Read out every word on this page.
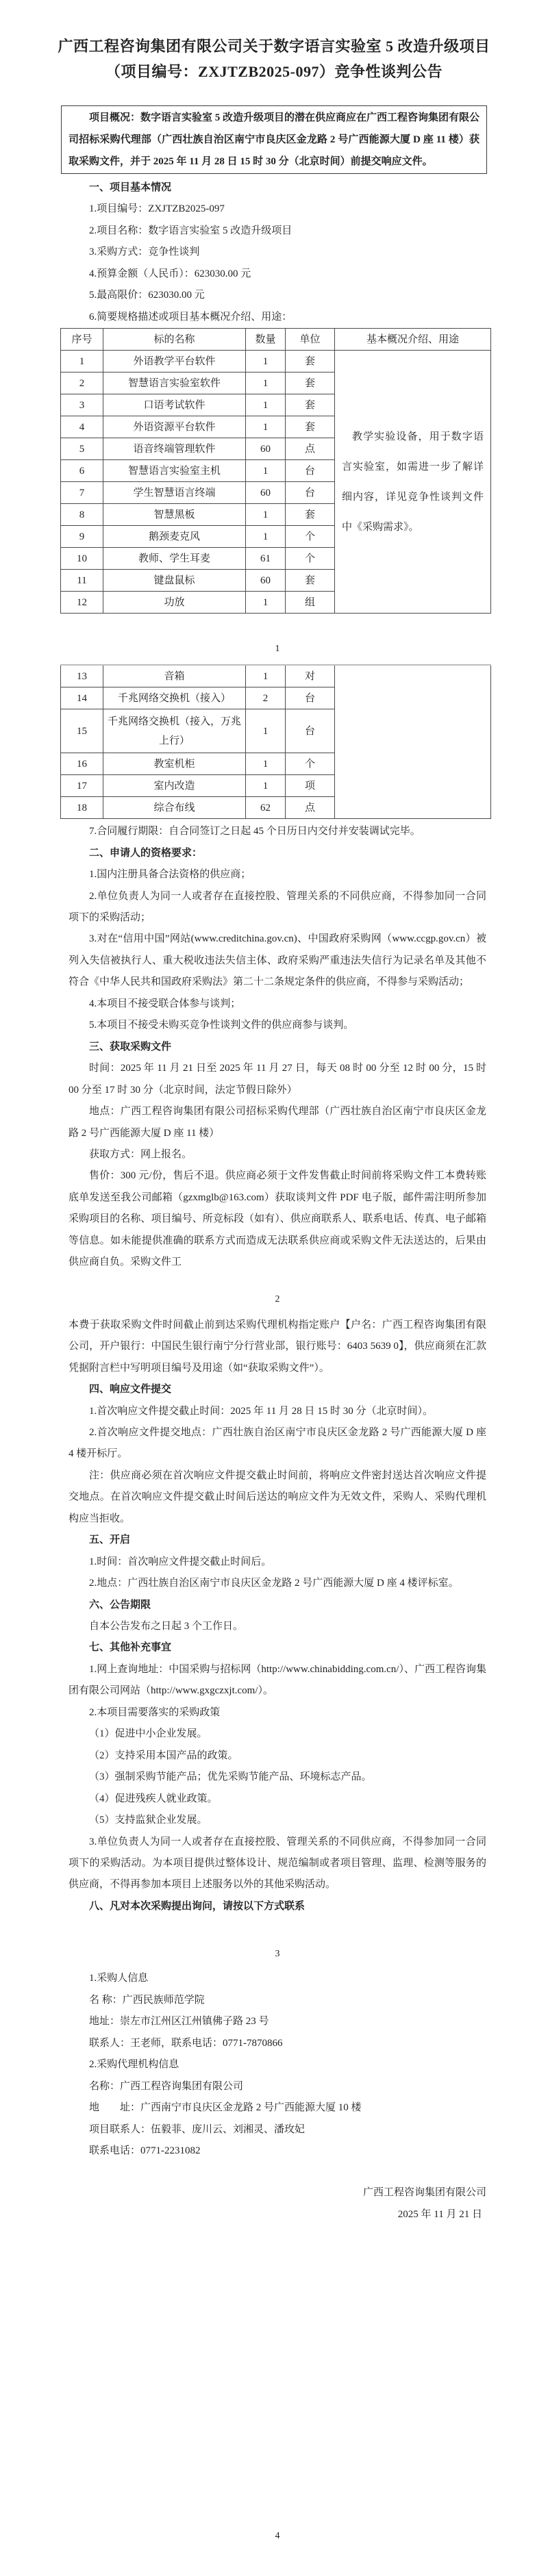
广西工程咨询集团有限公司关于数字语言实验室 5 改造升级项目
（项目编号：ZXJTZB2025-097）竞争性谈判公告
项目概况：数字语言实验室 5 改造升级项目的潜在供应商应在广西工程咨询集团有限公司招标采购代理部（广西壮族自治区南宁市良庆区金龙路 2 号广西能源大厦 D 座 11 楼）获取采购文件，并于 2025 年 11 月 28 日 15 时 30 分（北京时间）前提交响应文件。

一、项目基本情况

1.项目编号：ZXJTZB2025-097

2.项目名称：数字语言实验室 5 改造升级项目

3.采购方式：竞争性谈判

4.预算金额（人民币）：623030.00 元

5.最高限价：623030.00 元

6.简要规格描述或项目基本概况介绍、用途：

序号	标的名称	数量	单位	基本概况介绍、用途
1	外语教学平台软件	1	套	教学实验设备，用于数字语言实验室，如需进一步了解详细内容，详见竞争性谈判文件中《采购需求》。
2	智慧语言实验室软件	1	套	
3	口语考试软件	1	套	
4	外语资源平台软件	1	套	
5	语音终端管理软件	60	点	
6	智慧语言实验室主机	1	台	
7	学生智慧语言终端	60	台	
8	智慧黑板	1	套	
9	鹅颈麦克风	1	个	
10	教师、学生耳麦	61	个	
11	键盘鼠标	60	套	
12	功放	1	组	

1

13	音箱	1	对	
14	千兆网络交换机（接入）	2	台	
15	千兆网络交换机（接入，万兆上行）	1	台	
16	教室机柜	1	个	
17	室内改造	1	项	
18	综合布线	62	点	

7.合同履行期限：自合同签订之日起 45 个日历日内交付并安装调试完毕。

二、申请人的资格要求：

1.国内注册具备合法资格的供应商；

2.单位负责人为同一人或者存在直接控股、管理关系的不同供应商，不得参加同一合同项下的采购活动；

3.对在“信用中国”网站(www.creditchina.gov.cn)、中国政府采购网（www.ccgp.gov.cn）被列入失信被执行人、重大税收违法失信主体、政府采购严重违法失信行为记录名单及其他不符合《中华人民共和国政府采购法》第二十二条规定条件的供应商，不得参与采购活动；

4.本项目不接受联合体参与谈判；

5.本项目不接受未购买竞争性谈判文件的供应商参与谈判。

三、获取采购文件

时间：2025 年 11 月 21 日至 2025 年 11 月 27 日，每天 08 时 00 分至 12 时 00 分，15 时 00 分至 17 时 30 分（北京时间，法定节假日除外）

地点：广西工程咨询集团有限公司招标采购代理部（广西壮族自治区南宁市良庆区金龙路 2 号广西能源大厦 D 座 11 楼）

获取方式：网上报名。

售价：300 元/份，售后不退。供应商必须于文件发售截止时间前将采购文件工本费转账底单发送至我公司邮箱（gzxmglb@163.com）获取谈判文件 PDF 电子版，邮件需注明所参加采购项目的名称、项目编号、所竞标段（如有）、供应商联系人、联系电话、传真、电子邮箱等信息。如未能提供准确的联系方式而造成无法联系供应商或采购文件无法送达的，后果由供应商自负。采购文件工

2

本费于获取采购文件时间截止前到达采购代理机构指定账户【户名：广西工程咨询集团有限公司，开户银行：中国民生银行南宁分行营业部，银行账号：6403 5639 0】，供应商须在汇款凭据附言栏中写明项目编号及用途（如“获取采购文件”）。

四、响应文件提交

1.首次响应文件提交截止时间：2025 年 11 月 28 日 15 时 30 分（北京时间）。

2.首次响应文件提交地点：广西壮族自治区南宁市良庆区金龙路 2 号广西能源大厦 D 座 4 楼开标厅。

注：供应商必须在首次响应文件提交截止时间前，将响应文件密封送达首次响应文件提交地点。在首次响应文件提交截止时间后送达的响应文件为无效文件，采购人、采购代理机构应当拒收。

五、开启

1.时间：首次响应文件提交截止时间后。

2.地点：广西壮族自治区南宁市良庆区金龙路 2 号广西能源大厦 D 座 4 楼评标室。

六、公告期限

自本公告发布之日起 3 个工作日。

七、其他补充事宜

1.网上查询地址：中国采购与招标网（http://www.chinabidding.com.cn/）、广西工程咨询集团有限公司网站（http://www.gxgczxjt.com/）。

2.本项目需要落实的采购政策

（1）促进中小企业发展。

（2）支持采用本国产品的政策。

（3）强制采购节能产品；优先采购节能产品、环境标志产品。

（4）促进残疾人就业政策。

（5）支持监狱企业发展。

3.单位负责人为同一人或者存在直接控股、管理关系的不同供应商，不得参加同一合同项下的采购活动。为本项目提供过整体设计、规范编制或者项目管理、监理、检测等服务的供应商，不得再参加本项目上述服务以外的其他采购活动。

八、凡对本次采购提出询问，请按以下方式联系

3

1.采购人信息

名 称：广西民族师范学院

地址：崇左市江州区江州镇佛子路 23 号

联系人：王老师，联系电话：0771-7870866

2.采购代理机构信息

名称：广西工程咨询集团有限公司

地　　址：广西南宁市良庆区金龙路 2 号广西能源大厦 10 楼

项目联系人：伍毅菲、庞川云、刘湘灵、潘玫妃

联系电话：0771-2231082

广西工程咨询集团有限公司

2025 年 11 月 21 日

4
